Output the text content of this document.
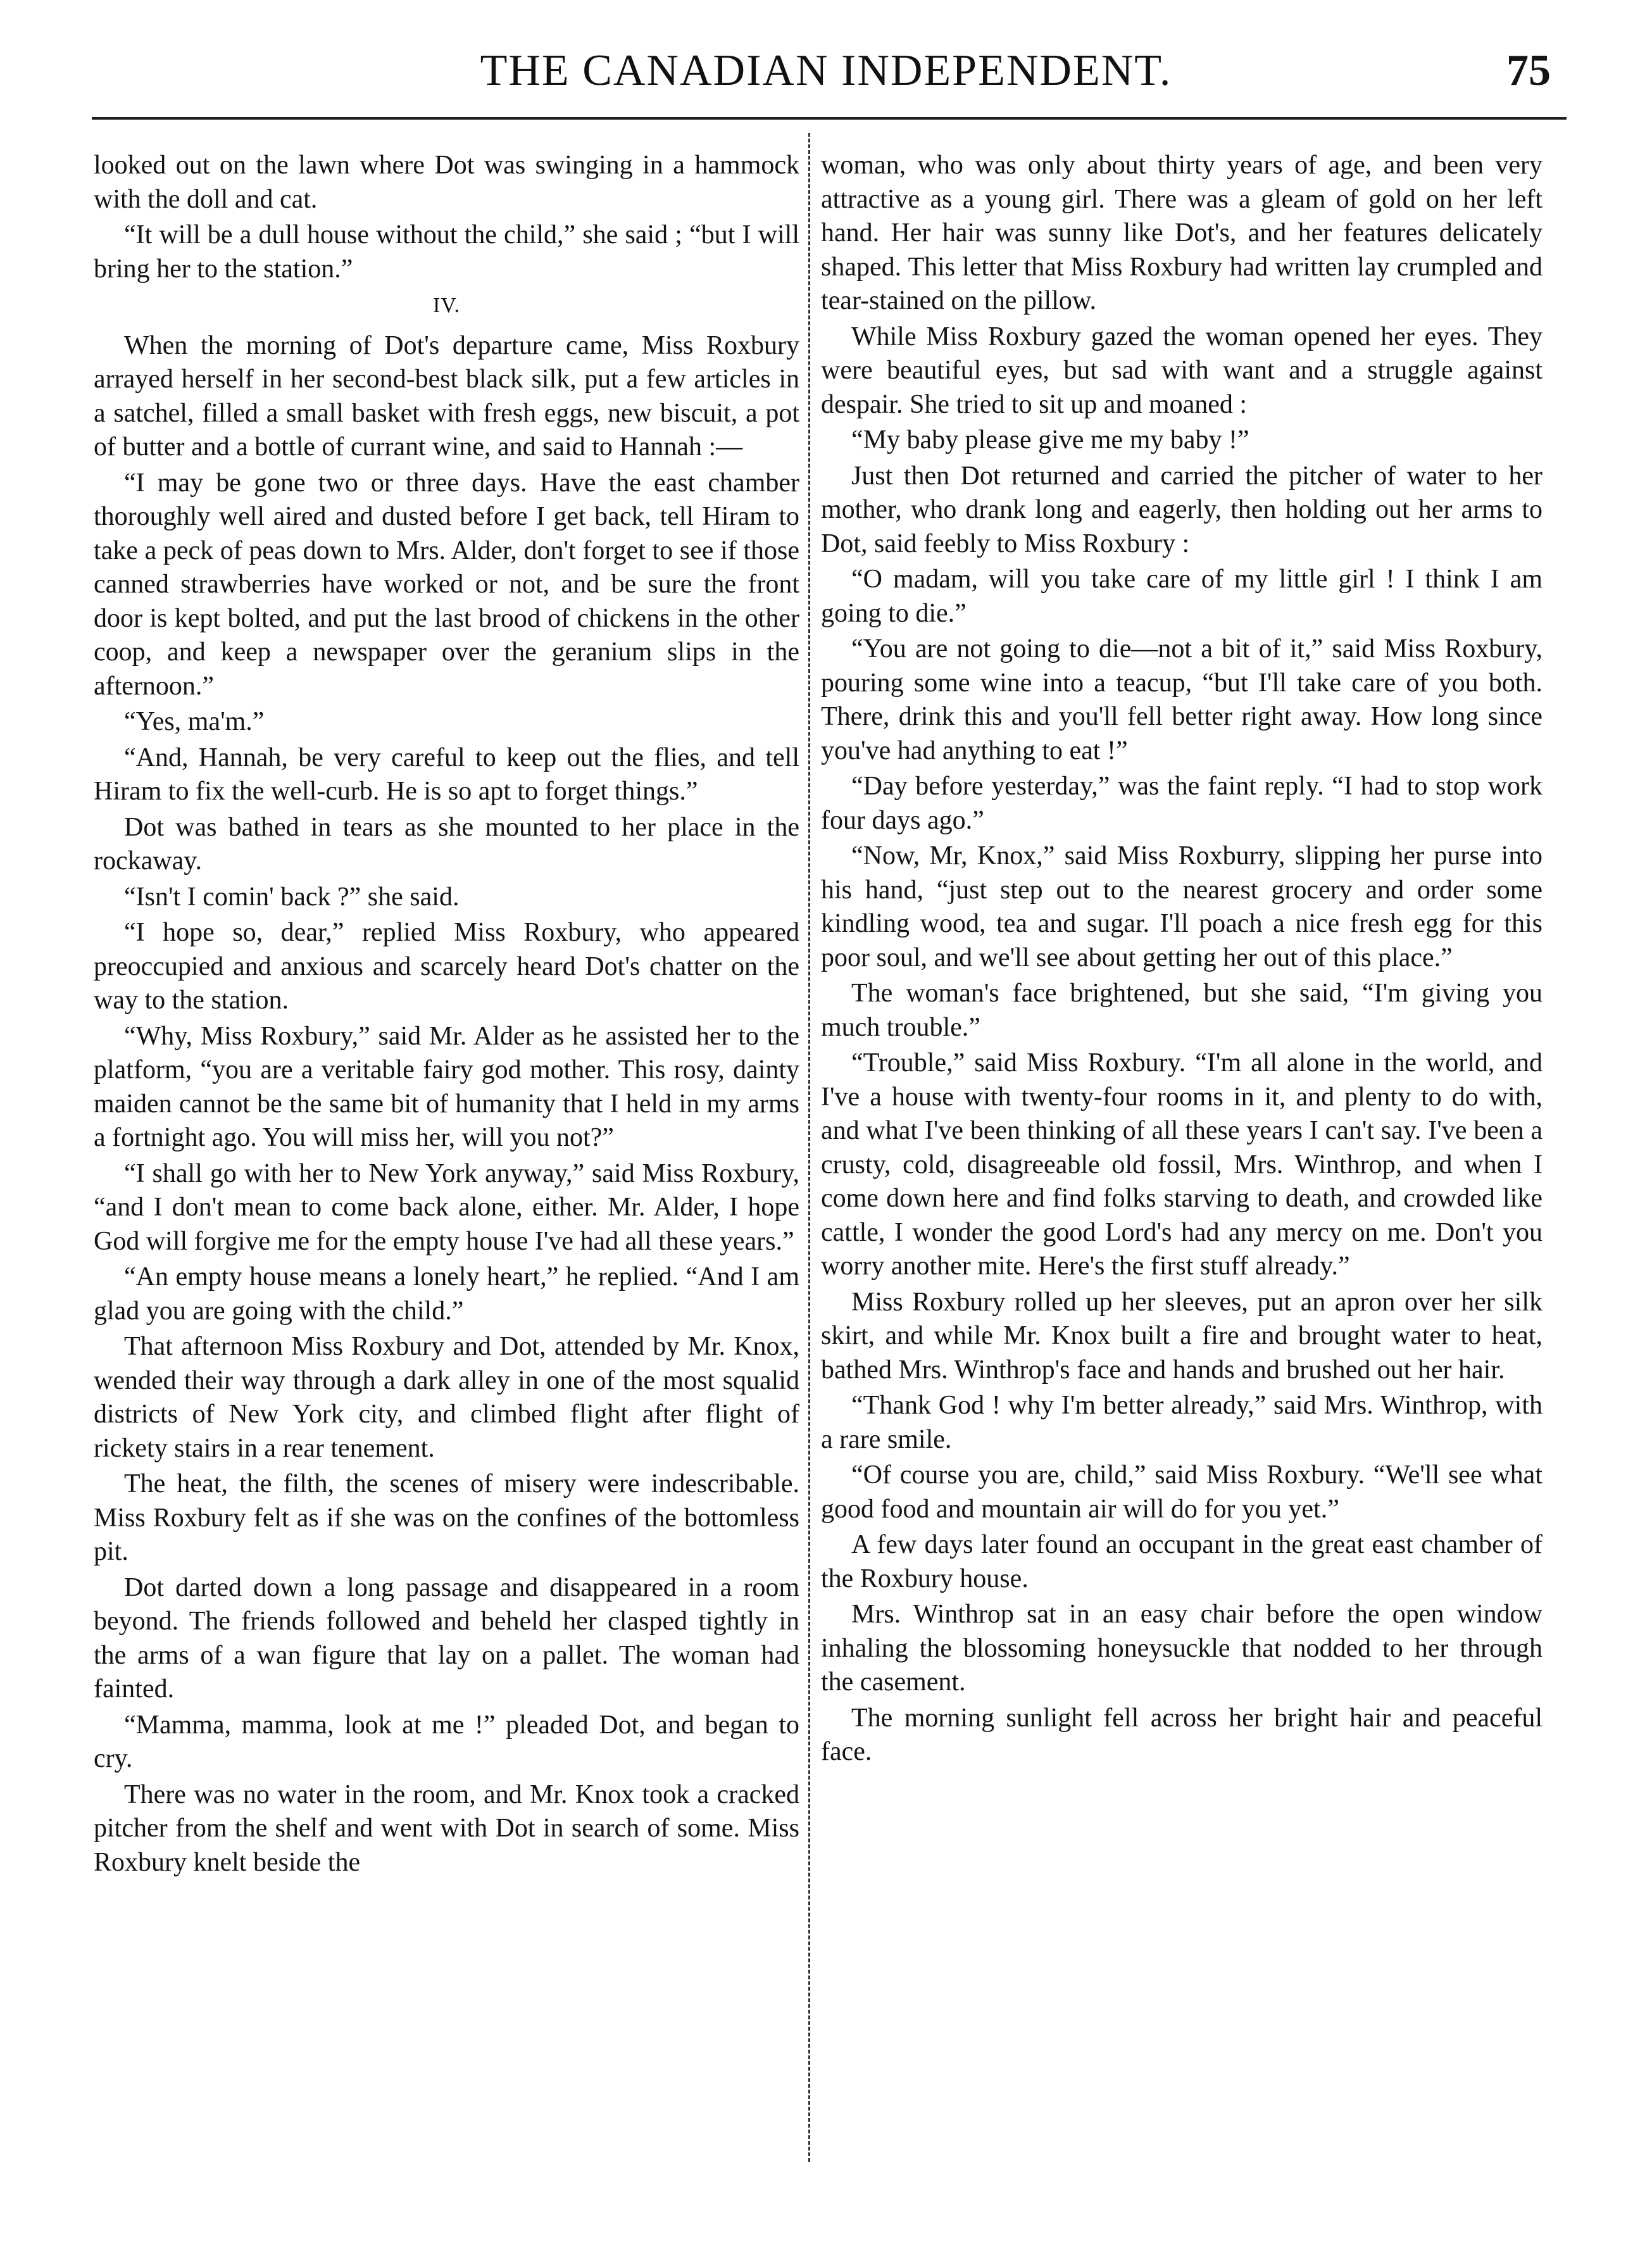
THE CANADIAN INDEPENDENT.	75

looked out on the lawn where Dot was swinging in a hammock with the doll and cat.

“It will be a dull house without the child,” she said ; “but I will bring her to the station.”

IV.

When the morning of Dot's departure came, Miss Roxbury arrayed herself in her second-best black silk, put a few articles in a satchel, filled a small basket with fresh eggs, new biscuit, a pot of butter and a bottle of currant wine, and said to Hannah :—

“I may be gone two or three days. Have the east chamber thoroughly well aired and dusted before I get back, tell Hiram to take a peck of peas down to Mrs. Alder, don't forget to see if those canned strawberries have worked or not, and be sure the front door is kept bolted, and put the last brood of chickens in the other coop, and keep a newspaper over the geranium slips in the afternoon.”

“Yes, ma'm.”

“And, Hannah, be very careful to keep out the flies, and tell Hiram to fix the well-curb. He is so apt to forget things.”

Dot was bathed in tears as she mounted to her place in the rockaway.

“Isn't I comin' back ?” she said.

“I hope so, dear,” replied Miss Roxbury, who appeared preoccupied and anxious and scarcely heard Dot's chatter on the way to the station.

“Why, Miss Roxbury,” said Mr. Alder as he assisted her to the platform, “you are a veritable fairy god mother. This rosy, dainty maiden cannot be the same bit of humanity that I held in my arms a fortnight ago. You will miss her, will you not?”

“I shall go with her to New York anyway,” said Miss Roxbury, “and I don't mean to come back alone, either. Mr. Alder, I hope God will forgive me for the empty house I've had all these years.”

“An empty house means a lonely heart,” he replied. “And I am glad you are going with the child.”

That afternoon Miss Roxbury and Dot, attended by Mr. Knox, wended their way through a dark alley in one of the most squalid districts of New York city, and climbed flight after flight of rickety stairs in a rear tenement.

The heat, the filth, the scenes of misery were indescribable. Miss Roxbury felt as if she was on the confines of the bottomless pit.

Dot darted down a long passage and disappeared in a room beyond. The friends followed and beheld her clasped tightly in the arms of a wan figure that lay on a pallet. The woman had fainted.

“Mamma, mamma, look at me !” pleaded Dot, and began to cry.

There was no water in the room, and Mr. Knox took a cracked pitcher from the shelf and went with Dot in search of some. Miss Roxbury knelt beside the

woman, who was only about thirty years of age, and been very attractive as a young girl. There was a gleam of gold on her left hand. Her hair was sunny like Dot's, and her features delicately shaped. This letter that Miss Roxbury had written lay crumpled and tear-stained on the pillow.

While Miss Roxbury gazed the woman opened her eyes. They were beautiful eyes, but sad with want and a struggle against despair. She tried to sit up and moaned :

“My baby please give me my baby !”

Just then Dot returned and carried the pitcher of water to her mother, who drank long and eagerly, then holding out her arms to Dot, said feebly to Miss Roxbury :

“O madam, will you take care of my little girl ! I think I am going to die.”

“You are not going to die—not a bit of it,” said Miss Roxbury, pouring some wine into a teacup, “but I'll take care of you both. There, drink this and you'll fell better right away. How long since you've had anything to eat !”

“Day before yesterday,” was the faint reply. “I had to stop work four days ago.”

“Now, Mr, Knox,” said Miss Roxburry, slipping her purse into his hand, “just step out to the nearest grocery and order some kindling wood, tea and sugar. I'll poach a nice fresh egg for this poor soul, and we'll see about getting her out of this place.”

The woman's face brightened, but she said, “I'm giving you much trouble.”

“Trouble,” said Miss Roxbury. “I'm all alone in the world, and I've a house with twenty-four rooms in it, and plenty to do with, and what I've been thinking of all these years I can't say. I've been a crusty, cold, disagreeable old fossil, Mrs. Winthrop, and when I come down here and find folks starving to death, and crowded like cattle, I wonder the good Lord's had any mercy on me. Don't you worry another mite. Here's the first stuff already.”

Miss Roxbury rolled up her sleeves, put an apron over her silk skirt, and while Mr. Knox built a fire and brought water to heat, bathed Mrs. Winthrop's face and hands and brushed out her hair.

“Thank God ! why I'm better already,” said Mrs. Winthrop, with a rare smile.

“Of course you are, child,” said Miss Roxbury. “We'll see what good food and mountain air will do for you yet.”

A few days later found an occupant in the great east chamber of the Roxbury house.

Mrs. Winthrop sat in an easy chair before the open window inhaling the blossoming honeysuckle that nodded to her through the casement.

The morning sunlight fell across her bright hair and peaceful face.
